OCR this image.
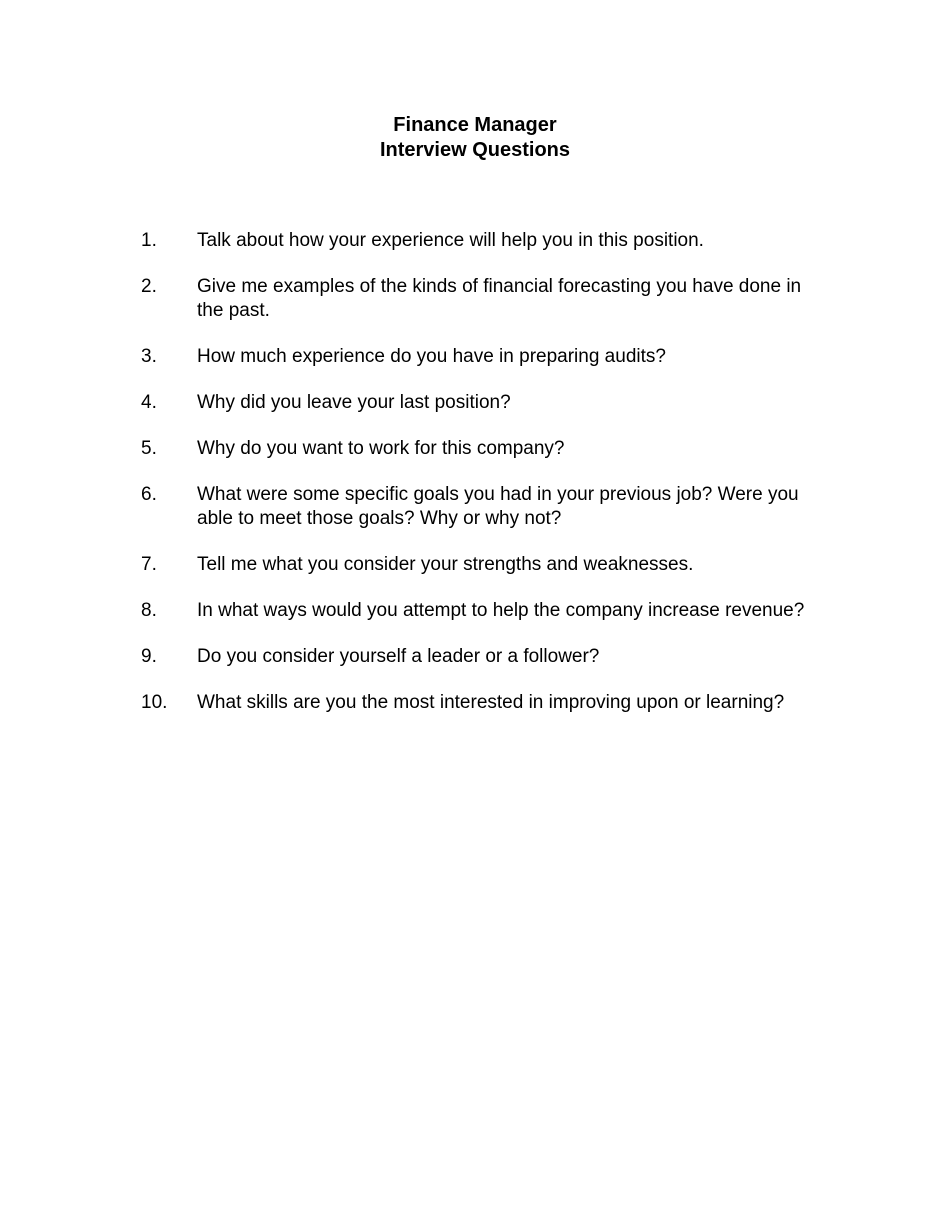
Finance Manager
Interview Questions
1.	Talk about how your experience will help you in this position.
2.	Give me examples of the kinds of financial forecasting you have done in the past.
3.	How much experience do you have in preparing audits?
4.	Why did you leave your last position?
5.	Why do you want to work for this company?
6.	What were some specific goals you had in your previous job? Were you able to meet those goals? Why or why not?
7.	Tell me what you consider your strengths and weaknesses.
8.	In what ways would you attempt to help the company increase revenue?
9.	Do you consider yourself a leader or a follower?
10.	What skills are you the most interested in improving upon or learning?
